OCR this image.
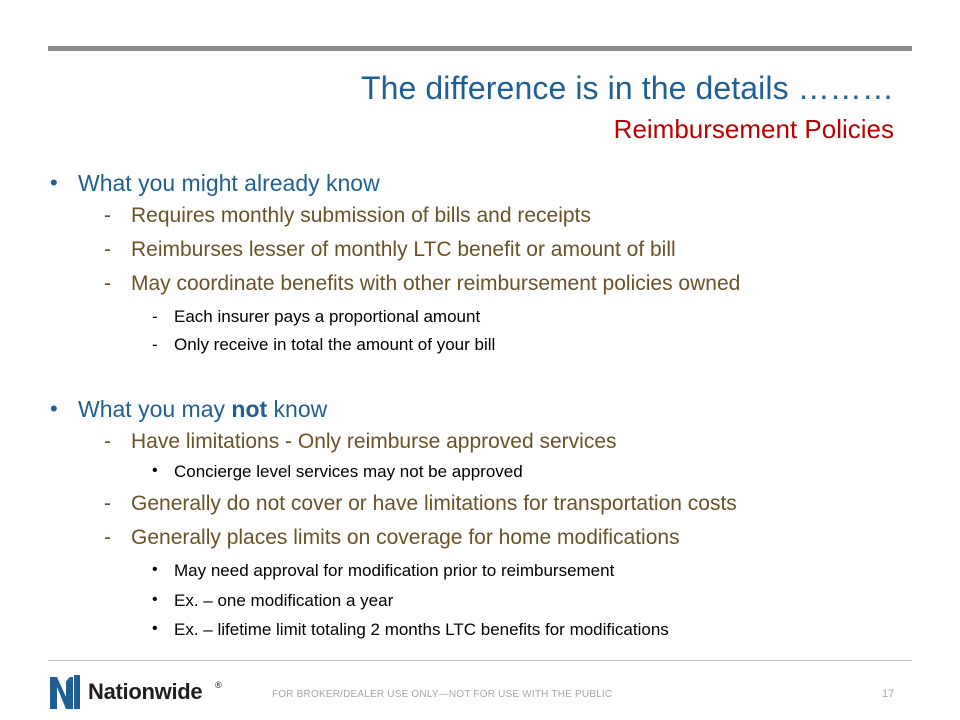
The difference is in the details ………
Reimbursement Policies
• What you might already know
- Requires monthly submission of bills and receipts
- Reimburses lesser of monthly LTC benefit or amount of bill
- May coordinate benefits with other reimbursement policies owned
- Each insurer pays a proportional amount
- Only receive in total the amount of your bill
• What you may not know
- Have limitations - Only reimburse approved services
• Concierge level services may not be approved
- Generally do not cover or have limitations for transportation costs
- Generally places limits on coverage for home modifications
• May need approval for modification prior to reimbursement
• Ex. – one modification a year
• Ex. – lifetime limit totaling 2 months LTC benefits for modifications
Nationwide ®
FOR BROKER/DEALER USE ONLY—NOT FOR USE WITH THE PUBLIC	17
